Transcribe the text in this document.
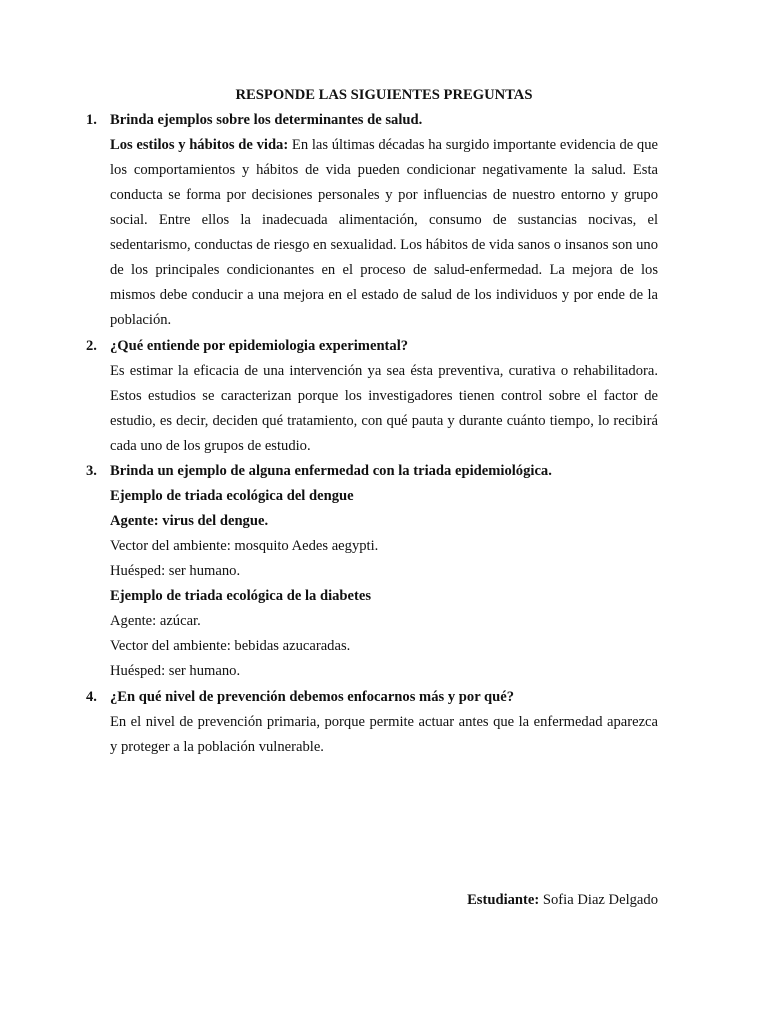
RESPONDE LAS SIGUIENTES PREGUNTAS
1. Brinda ejemplos sobre los determinantes de salud.
Los estilos y hábitos de vida: En las últimas décadas ha surgido importante evidencia de que los comportamientos y hábitos de vida pueden condicionar negativamente la salud. Esta conducta se forma por decisiones personales y por influencias de nuestro entorno y grupo social. Entre ellos la inadecuada alimentación, consumo de sustancias nocivas, el sedentarismo, conductas de riesgo en sexualidad. Los hábitos de vida sanos o insanos son uno de los principales condicionantes en el proceso de salud-enfermedad. La mejora de los mismos debe conducir a una mejora en el estado de salud de los individuos y por ende de la población.
2. ¿Qué entiende por epidemiologia experimental?
Es estimar la eficacia de una intervención ya sea ésta preventiva, curativa o rehabilitadora. Estos estudios se caracterizan porque los investigadores tienen control sobre el factor de estudio, es decir, deciden qué tratamiento, con qué pauta y durante cuánto tiempo, lo recibirá cada uno de los grupos de estudio.
3. Brinda un ejemplo de alguna enfermedad con la triada epidemiológica.
Ejemplo de triada ecológica del dengue
Agente: virus del dengue.
Vector del ambiente: mosquito Aedes aegypti.
Huésped: ser humano.
Ejemplo de triada ecológica de la diabetes
Agente: azúcar.
Vector del ambiente: bebidas azucaradas.
Huésped: ser humano.
4. ¿En qué nivel de prevención debemos enfocarnos más y por qué?
En el nivel de prevención primaria, porque permite actuar antes que la enfermedad aparezca y proteger a la población vulnerable.
Estudiante: Sofia Diaz Delgado
